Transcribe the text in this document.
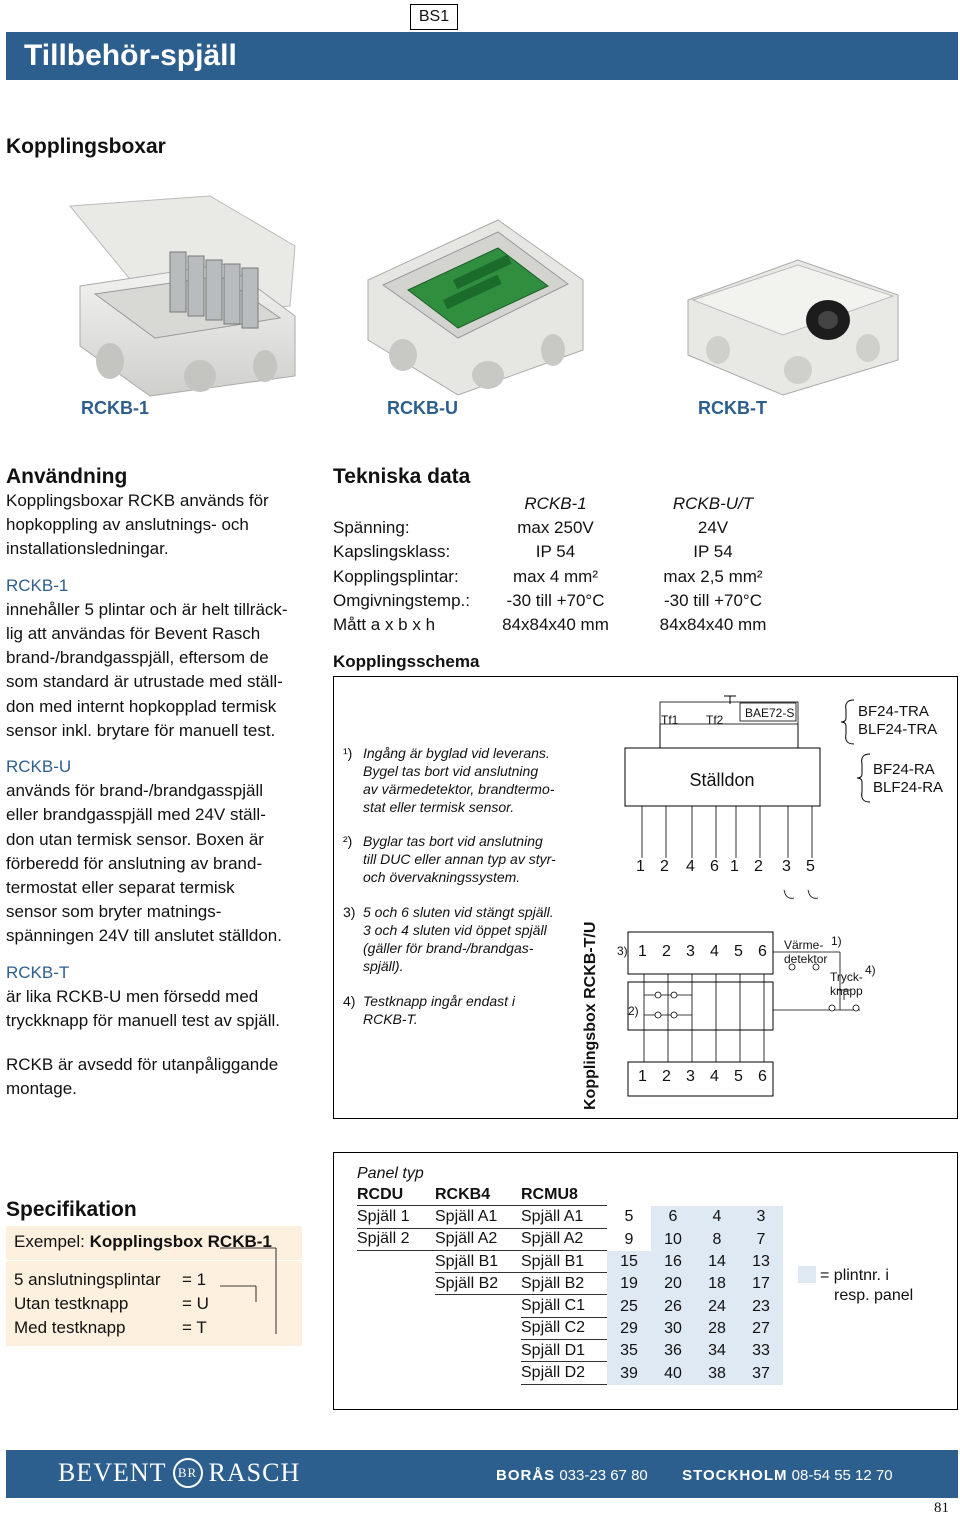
BS1
Tillbehör-spjäll
Kopplingsboxar
RCKB-1	RCKB-U	RCKB-T
Användning
Kopplingsboxar RCKB används för
hopkoppling av anslutnings- och
installationsledningar.
RCKB-1
innehåller 5 plintar och är helt tillräck-
lig att användas för Bevent Rasch
brand-/brandgasspjäll, eftersom de
som standard är utrustade med ställ-
don med internt hopkopplad termisk
sensor inkl. brytare för manuell test.
RCKB-U
används för brand-/brandgasspjäll
eller brandgasspjäll med 24V ställ-
don utan termisk sensor. Boxen är
förberedd för anslutning av brand-
termostat eller separat termisk
sensor som bryter matnings-
spänningen 24V till anslutet ställdon.
RCKB-T
är lika RCKB-U men försedd med
tryckknapp för manuell test av spjäll.
RCKB är avsedd för utanpåliggande
montage.
Tekniska data
	RCKB-1	RCKB-U/T
Spänning:	max 250V	24V
Kapslingsklass:	IP 54	IP 54
Kopplingsplintar:	max 4 mm²	max 2,5 mm²
Omgivningstemp.:	-30 till +70°C	-30 till +70°C
Mått a x b x h	84x84x40 mm	84x84x40 mm
Kopplingsschema
¹) Ingång är byglad vid leverans.
Bygel tas bort vid anslutning
av värmedetektor, brandtermo-
stat eller termisk sensor.
²) Byglar tas bort vid anslutning
till DUC eller annan typ av styr-
och övervakningssystem.
3) 5 och 6 sluten vid stängt spjäll.
3 och 4 sluten vid öppet spjäll
(gäller för brand-/brandgas-
spjäll).
4) Testknapp ingår endast i
RCKB-T.	Kopplingsbox RCKB-T/U
Tf1 Tf2 BAE72-S
Ställdon
BF24-TRA
BLF24-TRA
BF24-RA
BLF24-RA
1 2 4 6 1 2 3 5
3)
2)
1 2 3 4 5 6
1 2 3 4 5 6
Värme-
detektor
1)
Tryck-
knapp
4)
Specifikation
Exempel: Kopplingsbox RCKB-1
5 anslutningsplintar	= 1
Utan testknapp	= U
Med testknapp	= T
Panel typ
RCDU	RCKB4	RCMU8				
Spjäll 1	Spjäll A1	Spjäll A1	5	6	4	3
Spjäll 2	Spjäll A2	Spjäll A2	9	10	8	7
	Spjäll B1	Spjäll B1	15	16	14	13
	Spjäll B2	Spjäll B2	19	20	18	17
		Spjäll C1	25	26	24	23
		Spjäll C2	29	30	28	27
		Spjäll D1	35	36	34	33
		Spjäll D2	39	40	38	37
= plintnr. i
resp. panel
BEVENT BR RASCH	BORÅS 033-23 67 80 STOCKHOLM 08-54 55 12 70
81
